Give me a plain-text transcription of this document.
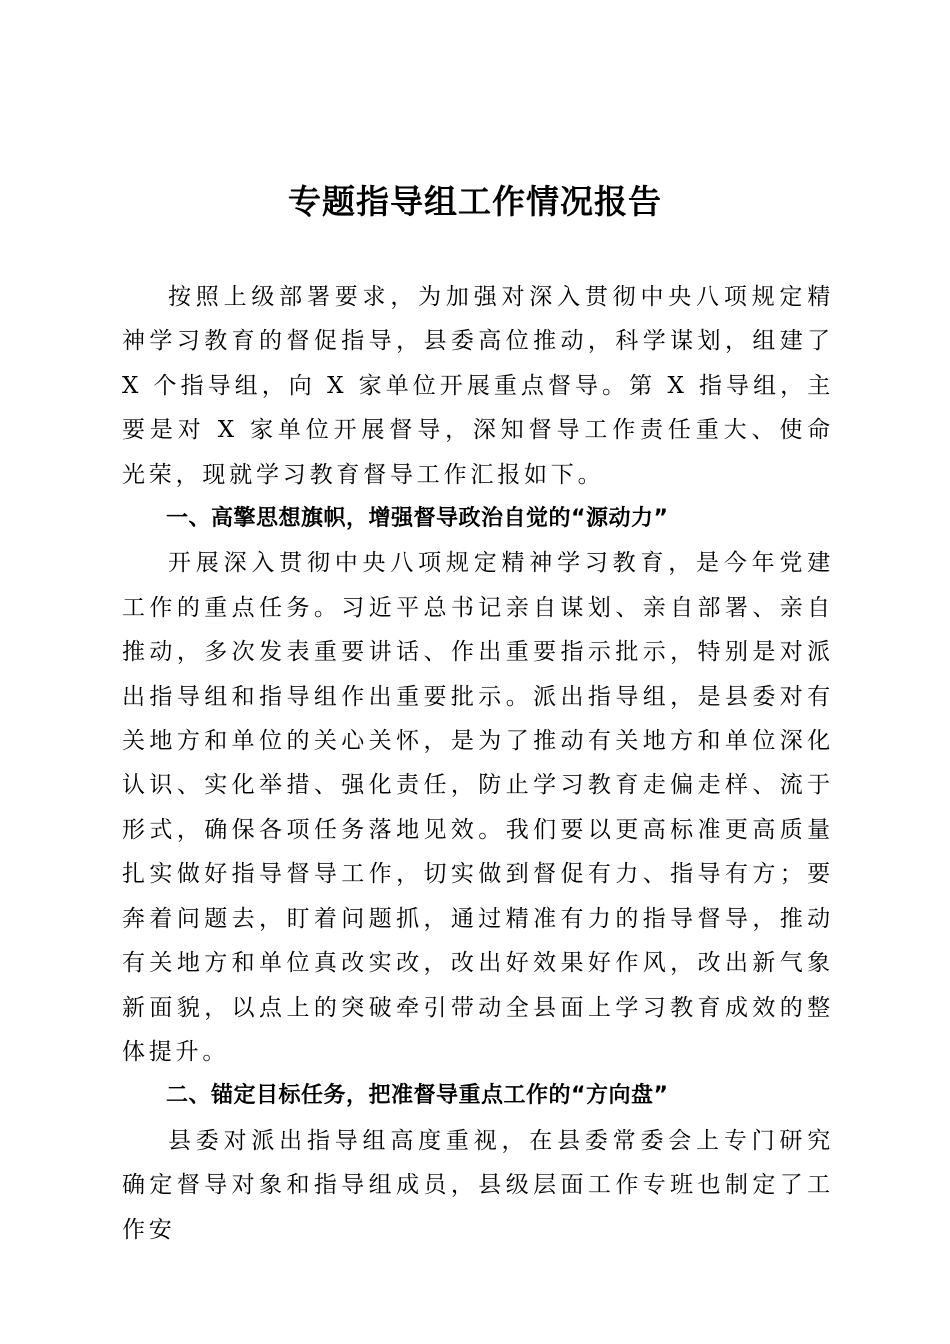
专题指导组工作情况报告

按照上级部署要求，为加强对深入贯彻中央八项规定精神学习教育的督促指导，县委高位推动，科学谋划，组建了 X 个指导组，向 X 家单位开展重点督导。第 X 指导组，主要是对 X 家单位开展督导，深知督导工作责任重大、使命光荣，现就学习教育督导工作汇报如下。

一、高擎思想旗帜，增强督导政治自觉的“源动力”

开展深入贯彻中央八项规定精神学习教育，是今年党建工作的重点任务。习近平总书记亲自谋划、亲自部署、亲自推动，多次发表重要讲话、作出重要指示批示，特别是对派出指导组和指导组作出重要批示。派出指导组，是县委对有关地方和单位的关心关怀，是为了推动有关地方和单位深化认识、实化举措、强化责任，防止学习教育走偏走样、流于形式，确保各项任务落地见效。我们要以更高标准更高质量扎实做好指导督导工作，切实做到督促有力、指导有方；要奔着问题去，盯着问题抓，通过精准有力的指导督导，推动有关地方和单位真改实改，改出好效果好作风，改出新气象新面貌，以点上的突破牵引带动全县面上学习教育成效的整体提升。

二、锚定目标任务，把准督导重点工作的“方向盘”

县委对派出指导组高度重视，在县委常委会上专门研究确定督导对象和指导组成员，县级层面工作专班也制定了工作安
